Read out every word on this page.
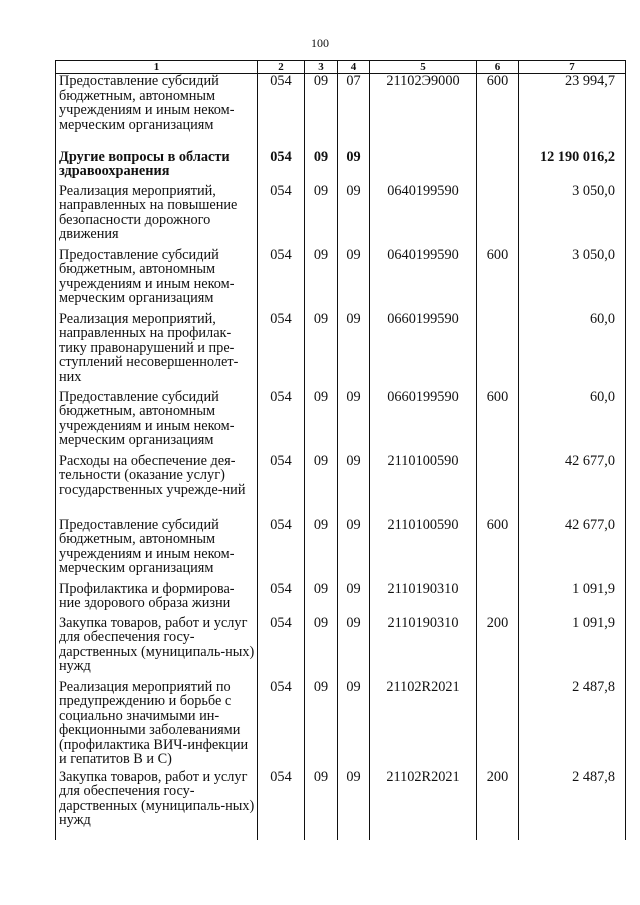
100
1	2	3	4	5	6	7
Предоставление субсидий бюджетным, автономным учреждениям и иным неком-мерческим организациям	054	09	07	21102Э9000	600	23 994,7
Другие вопросы в области здравоохранения	054	09	09			12 190 016,2
Реализация мероприятий, направленных на повышение безопасности дорожного движения	054	09	09	0640199590		3 050,0
Предоставление субсидий бюджетным, автономным учреждениям и иным неком-мерческим организациям	054	09	09	0640199590	600	3 050,0
Реализация мероприятий, направленных на профилак-тику правонарушений и пре-ступлений несовершеннолет-них	054	09	09	0660199590		60,0
Предоставление субсидий бюджетным, автономным учреждениям и иным неком-мерческим организациям	054	09	09	0660199590	600	60,0
Расходы на обеспечение дея-тельности (оказание услуг) государственных учрежде-ний	054	09	09	2110100590		42 677,0
Предоставление субсидий бюджетным, автономным учреждениям и иным неком-мерческим организациям	054	09	09	2110100590	600	42 677,0
Профилактика и формирова-ние здорового образа жизни	054	09	09	2110190310		1 091,9
Закупка товаров, работ и услуг для обеспечения госу-дарственных (муниципаль-ных) нужд	054	09	09	2110190310	200	1 091,9
Реализация мероприятий по предупреждению и борьбе с социально значимыми ин-фекционными заболеваниями (профилактика ВИЧ-инфекции и гепатитов В и С)	054	09	09	21102R2021		2 487,8
Закупка товаров, работ и услуг для обеспечения госу-дарственных (муниципаль-ных) нужд	054	09	09	21102R2021	200	2 487,8
